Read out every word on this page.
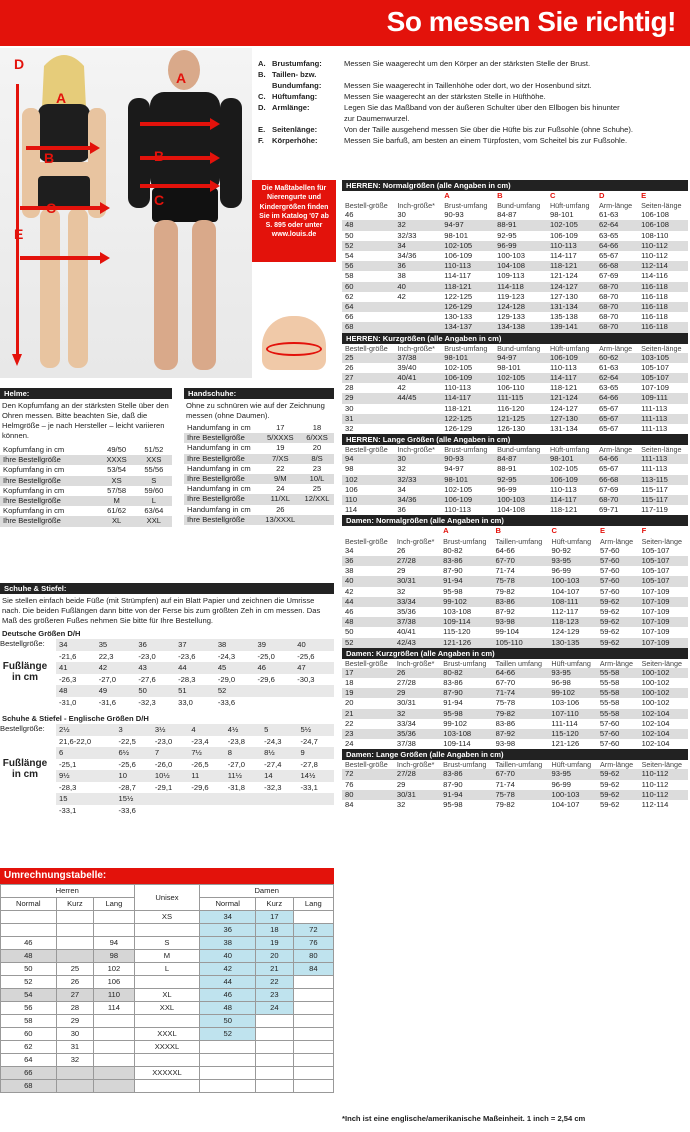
So messen Sie richtig!
D
A
B
C
E
A
B
C
A. Brustumfang:	Messen Sie waagerecht um den Körper an der stärksten Stelle der Brust.
B. Taillen- bzw.
Bundumfang:	Messen Sie waagerecht in Taillenhöhe oder dort, wo der Hosenbund sitzt.
C. Hüftumfang:	Messen Sie waagerecht an der stärksten Stelle in Hüfthöhe.
D. Armlänge:	Legen Sie das Maßband von der äußeren Schulter über den Ellbogen bis hinunter
zur Daumenwurzel.
E. Seitenlänge:	Von der Taille ausgehend messen Sie über die Hüfte bis zur Fußsohle (ohne Schuhe).
F.	Körperhöhe:	Messen Sie barfuß, am besten an einem Türpfosten, vom Scheitel bis zur Fußsohle.
Die Maßtabellen für Nierengurte und Kindergrößen finden Sie im Katalog '07 ab S. 895 oder unter www.louis.de
Helme:

Den Kopfumfang an der stärksten Stelle über den Ohren messen. Bitte beachten Sie, daß die Helmgröße – je nach Hersteller – leicht variieren können.

Kopfumfang in cm	49/50	51/52
Ihre Bestellgröße	XXXS	XXS
Kopfumfang in cm	53/54	55/56
Ihre Bestellgröße	XS	S
Kopfumfang in cm	57/58	59/60
Ihre Bestellgröße	M	L
Kopfumfang in cm	61/62	63/64
Ihre Bestellgröße	XL	XXL
Handschuhe:

Ohne zu schnüren wie auf der Zeichnung messen (ohne Daumen).

Handumfang in cm	17	18
Ihre Bestellgröße	5/XXXS	6/XXS
Handumfang in cm	19	20
Ihre Bestellgröße	7/XS	8/S
Handumfang in cm	22	23
Ihre Bestellgröße	9/M	10/L
Handumfang in cm	24	25
Ihre Bestellgröße	11/XL	12/XXL
Handumfang in cm	26	
Ihre Bestellgröße	13/XXXL	
Schuhe & Stiefel:

Sie stellen einfach beide Füße (mit Strümpfen) auf ein Blatt Papier und zeichnen die Umrisse nach. Die beiden Fußlängen dann bitte von der Ferse bis zum größten Zeh in cm messen. Das Maß des größeren Fußes nehmen Sie bitte für Ihre Bestellung.

Deutsche Größen D/H
Bestellgröße:
Fußlänge in cm
34	35	36	37	38	39	40
-21,6	22,3	-23,0	-23,6	-24,3	-25,0	-25,6
41	42	43	44	45	46	47
-26,3	-27,0	-27,6	-28,3	-29,0	-29,6	-30,3
48	49	50	51	52		
-31,0	-31,6	-32,3	33,0	-33,6		
Schuhe & Stiefel - Englische Größen D/H
Bestellgröße:
Fußlänge in cm
2½	3	3½	4	4½	5	5½
21,6-22,0	-22,5	-23,0	-23,4	-23,8	-24,3	-24,7
6	6½	7	7½	8	8½	9
-25,1	-25,6	-26,0	-26,5	-27,0	-27,4	-27,8
9½	10	10½	11	11½	14	14½
-28,3	-28,7	-29,1	-29,6	-31,8	-32,3	-33,1
15	15½					
-33,1	-33,6					
Umrechnungstabelle:
Herren			Unisex	Damen		
Normal	Kurz	Lang		Normal	Kurz	Lang
			XS	34	17	
				36	18	72
46		94	S	38	19	76
48		98	M	40	20	80
50	25	102	L	42	21	84
52	26	106		44	22	
54	27	110	XL	46	23	
56	28	114	XXL	48	24	
58	29			50		
60	30		XXXL	52		
62	31		XXXXL			
64	32					
66			XXXXXL			
68						
HERREN: Normalgrößen (alle Angaben in cm)
		A	B	C	D	E
Bestell-größe	Inch-größe*	Brust-umfang	Bund-umfang	Hüft-umfang	Arm-länge	Seiten-länge
46	30	90-93	84-87	98-101	61-63	106-108
48	32	94-97	88-91	102-105	62-64	106-108
50	32/33	98-101	92-95	106-109	63-65	108-110
52	34	102-105	96-99	110-113	64-66	110-112
54	34/36	106-109	100-103	114-117	65-67	110-112
56	36	110-113	104-108	118-121	66-68	112-114
58	38	114-117	109-113	121-124	67-69	114-116
60	40	118-121	114-118	124-127	68-70	116-118
62	42	122-125	119-123	127-130	68-70	116-118
64		126-129	124-128	131-134	68-70	116-118
66		130-133	129-133	135-138	68-70	116-118
68		134-137	134-138	139-141	68-70	116-118
HERREN: Kurzgrößen (alle Angaben in cm)
Bestell-größe	Inch-größe*	Brust-umfang	Bund-umfang	Hüft-umfang	Arm-länge	Seiten-länge
25	37/38	98-101	94-97	106-109	60-62	103-105
26	39/40	102-105	98-101	110-113	61-63	105-107
27	40/41	106-109	102-105	114-117	62-64	105-107
28	42	110-113	106-110	118-121	63-65	107-109
29	44/45	114-117	111-115	121-124	64-66	109-111
30		118-121	116-120	124-127	65-67	111-113
31		122-125	121-125	127-130	65-67	111-113
32		126-129	126-130	131-134	65-67	111-113
HERREN: Lange Größen (alle Angaben in cm)
Bestell-größe	Inch-größe*	Brust-umfang	Bund-umfang	Hüft-umfang	Arm-länge	Seiten-länge
94	30	90-93	84-87	98-101	64-66	111-113
98	32	94-97	88-91	102-105	65-67	111-113
102	32/33	98-101	92-95	106-109	66-68	113-115
106	34	102-105	96-99	110-113	67-69	115-117
110	34/36	106-109	100-103	114-117	68-70	115-117
114	36	110-113	104-108	118-121	69-71	117-119
Damen: Normalgrößen (alle Angaben in cm)
		A	B	C	E	F
Bestell-größe	Inch-größe*	Brust-umfang	Taillen-umfang	Hüft-umfang	Arm-länge	Seiten-länge
34	26	80-82	64-66	90-92	57-60	105-107
36	27/28	83-86	67-70	93-95	57-60	105-107
38	29	87-90	71-74	96-99	57-60	105-107
40	30/31	91-94	75-78	100-103	57-60	105-107
42	32	95-98	79-82	104-107	57-60	107-109
44	33/34	99-102	83-86	108-111	59-62	107-109
46	35/36	103-108	87-92	112-117	59-62	107-109
48	37/38	109-114	93-98	118-123	59-62	107-109
50	40/41	115-120	99-104	124-129	59-62	107-109
52	42/43	121-126	105-110	130-135	59-62	107-109
Damen: Kurzgrößen (alle Angaben in cm)
Bestell-größe	Inch-größe*	Brust-umfang	Taillen umfang	Hüft-umfang	Arm-länge	Seiten-länge
17	26	80-82	64-66	93-95	55-58	100-102
18	27/28	83-86	67-70	96-98	55-58	100-102
19	29	87-90	71-74	99-102	55-58	100-102
20	30/31	91-94	75-78	103-106	55-58	100-102
21	32	95-98	79-82	107-110	55-58	102-104
22	33/34	99-102	83-86	111-114	57-60	102-104
23	35/36	103-108	87-92	115-120	57-60	102-104
24	37/38	109-114	93-98	121-126	57-60	102-104
Damen: Lange Größen (alle Angaben in cm)
Bestell-größe	Inch-größe*	Brust-umfang	Taillen-umfang	Hüft-umfang	Arm-länge	Seiten-länge
72	27/28	83-86	67-70	93-95	59-62	110-112
76	29	87-90	71-74	96-99	59-62	110-112
80	30/31	91-94	75-78	100-103	59-62	110-112
84	32	95-98	79-82	104-107	59-62	112-114
*Inch ist eine englische/amerikanische Maßeinheit. 1 inch = 2,54 cm
